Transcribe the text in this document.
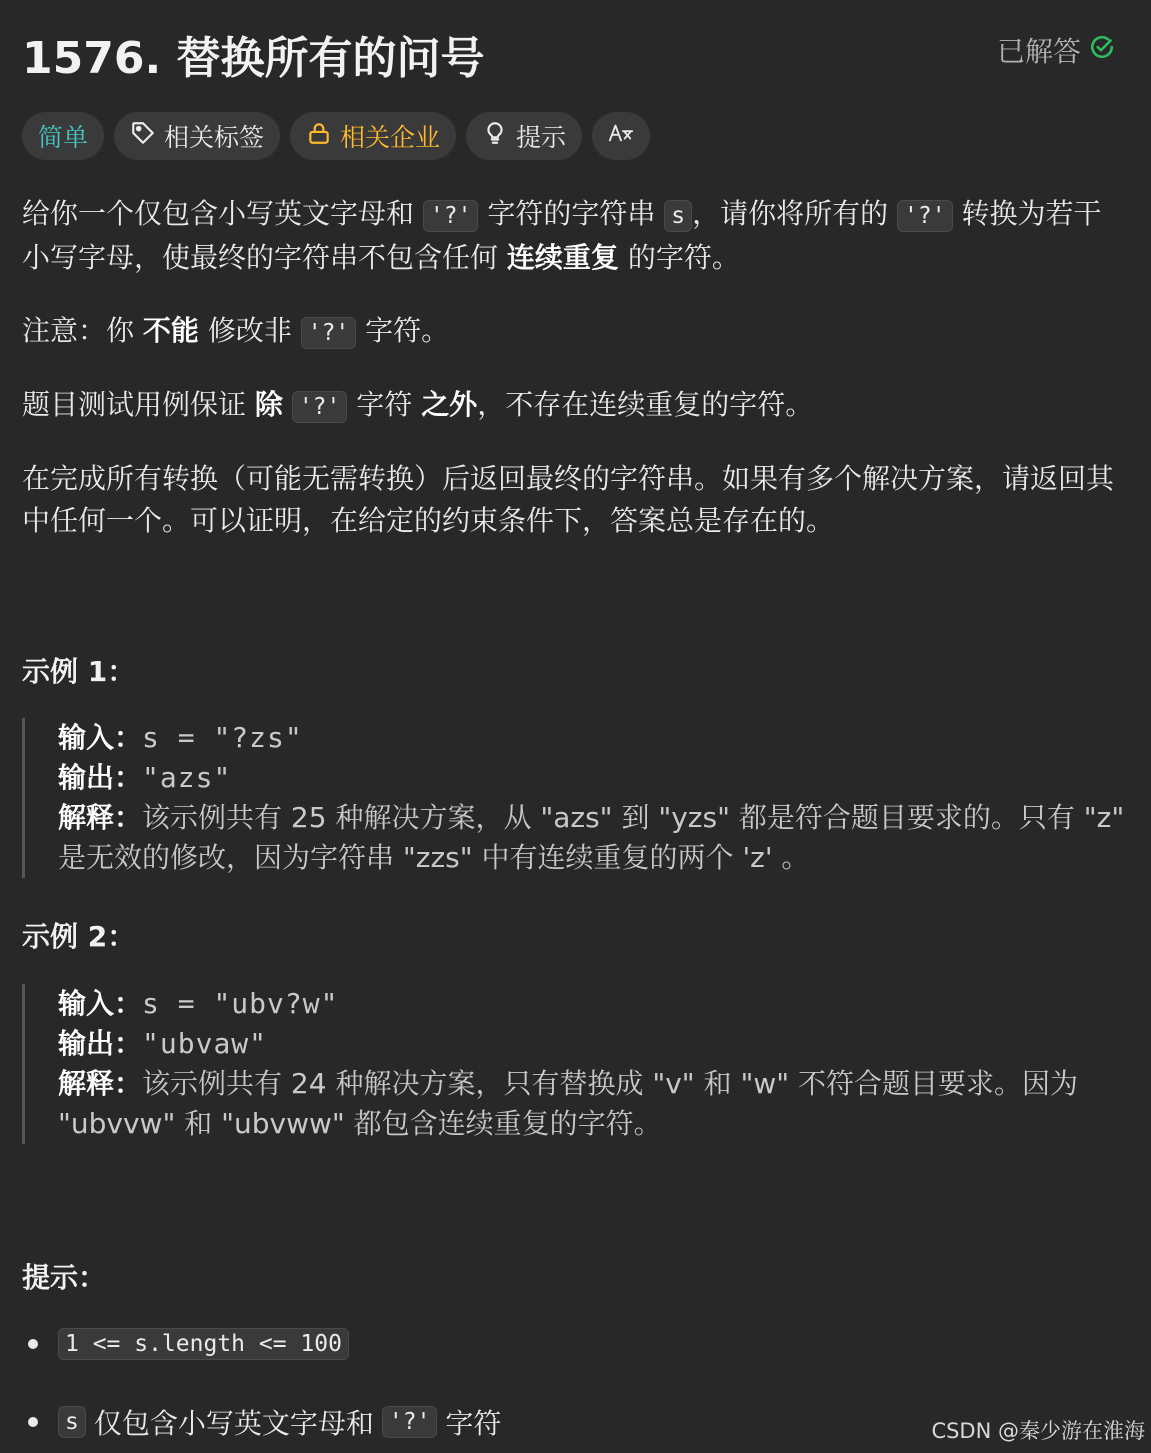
1576. 替换所有的问号	已解答
简单	相关标签	相关企业	提示
给你一个仅包含小写英文字母和 '?' 字符的字符串 s ，请你将所有的 '?' 转换为若干小写字母，使最终的字符串不包含任何 连续重复 的字符。
注意：你 不能 修改非 '?' 字符。
题目测试用例保证 除 '?' 字符 之外，不存在连续重复的字符。
在完成所有转换（可能无需转换）后返回最终的字符串。如果有多个解决方案，请返回其中任何一个。可以证明，在给定的约束条件下，答案总是存在的。
示例 1：
输入：s = "?zs"
输出："azs"
解释：该示例共有 25 种解决方案，从 "azs" 到 "yzs" 都是符合题目要求的。只有 "z" 是无效的修改，因为字符串 "zzs" 中有连续重复的两个 'z' 。
示例 2：
输入：s = "ubv?w"
输出："ubvaw"
解释：该示例共有 24 种解决方案，只有替换成 "v" 和 "w" 不符合题目要求。因为 "ubvvw" 和 "ubvww" 都包含连续重复的字符。
提示：
1 <= s.length <= 100
s 仅包含小写英文字母和 '?' 字符	CSDN @秦少游在淮海
